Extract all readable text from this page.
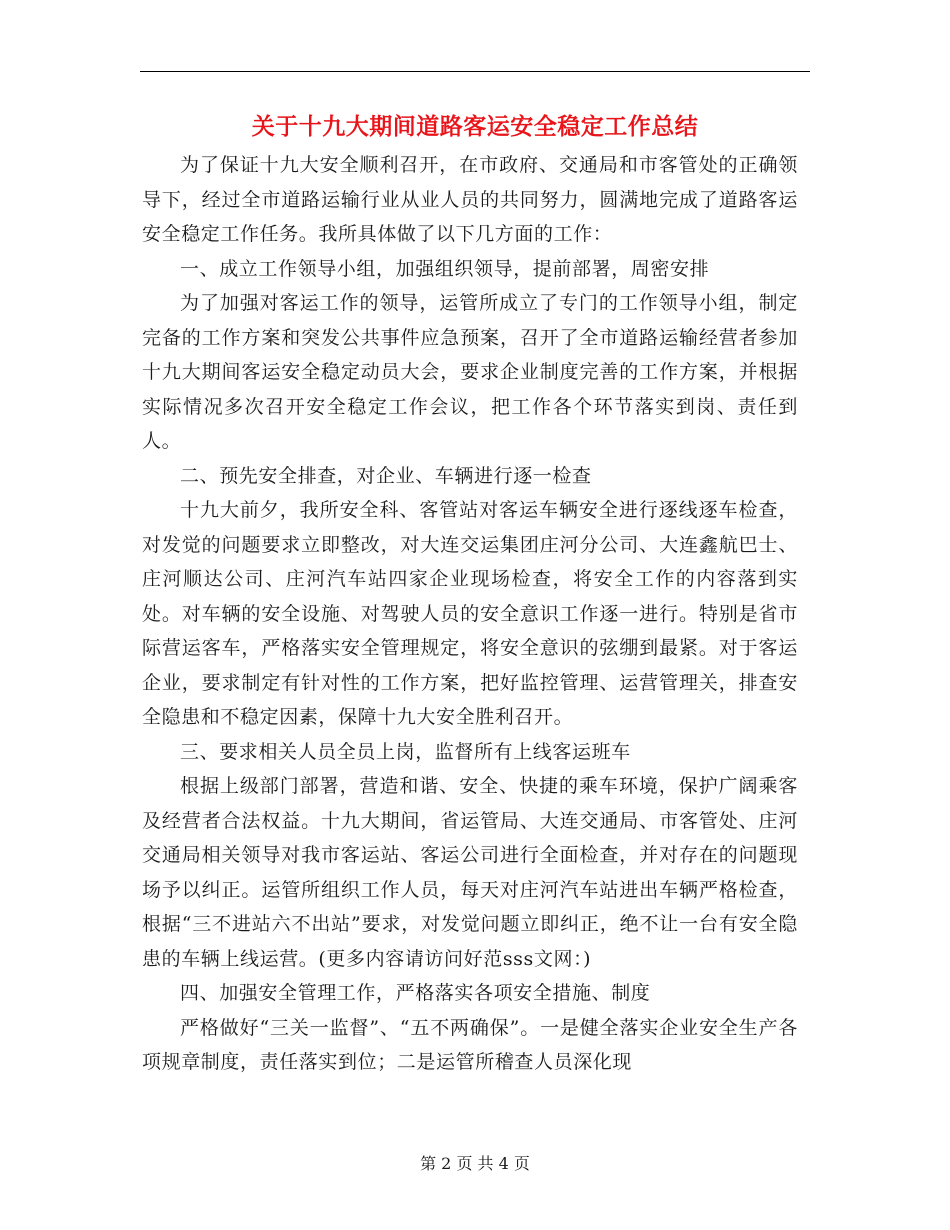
关于十九大期间道路客运安全稳定工作总结

为了保证十九大安全顺利召开，在市政府、交通局和市客管处的正确领导下，经过全市道路运输行业从业人员的共同努力，圆满地完成了道路客运安全稳定工作任务。我所具体做了以下几方面的工作：

一、成立工作领导小组，加强组织领导，提前部署，周密安排

为了加强对客运工作的领导，运管所成立了专门的工作领导小组，制定完备的工作方案和突发公共事件应急预案，召开了全市道路运输经营者参加十九大期间客运安全稳定动员大会，要求企业制度完善的工作方案，并根据实际情况多次召开安全稳定工作会议，把工作各个环节落实到岗、责任到人。

二、预先安全排查，对企业、车辆进行逐一检查

十九大前夕，我所安全科、客管站对客运车辆安全进行逐线逐车检查，对发觉的问题要求立即整改，对大连交运集团庄河分公司、大连鑫航巴士、庄河顺达公司、庄河汽车站四家企业现场检查，将安全工作的内容落到实处。对车辆的安全设施、对驾驶人员的安全意识工作逐一进行。特别是省市际营运客车，严格落实安全管理规定，将安全意识的弦绷到最紧。对于客运企业，要求制定有针对性的工作方案，把好监控管理、运营管理关，排查安全隐患和不稳定因素，保障十九大安全胜利召开。

三、要求相关人员全员上岗，监督所有上线客运班车

根据上级部门部署，营造和谐、安全、快捷的乘车环境，保护广阔乘客及经营者合法权益。十九大期间，省运管局、大连交通局、市客管处、庄河交通局相关领导对我市客运站、客运公司进行全面检查，并对存在的问题现场予以纠正。运管所组织工作人员，每天对庄河汽车站进出车辆严格检查，根据“三不进站六不出站”要求，对发觉问题立即纠正，绝不让一台有安全隐患的车辆上线运营。(更多内容请访问好范sss文网：)

四、加强安全管理工作，严格落实各项安全措施、制度

严格做好“三关一监督”、“五不两确保”。一是健全落实企业安全生产各项规章制度，责任落实到位；二是运管所稽查人员深化现

第 2 页 共 4 页
